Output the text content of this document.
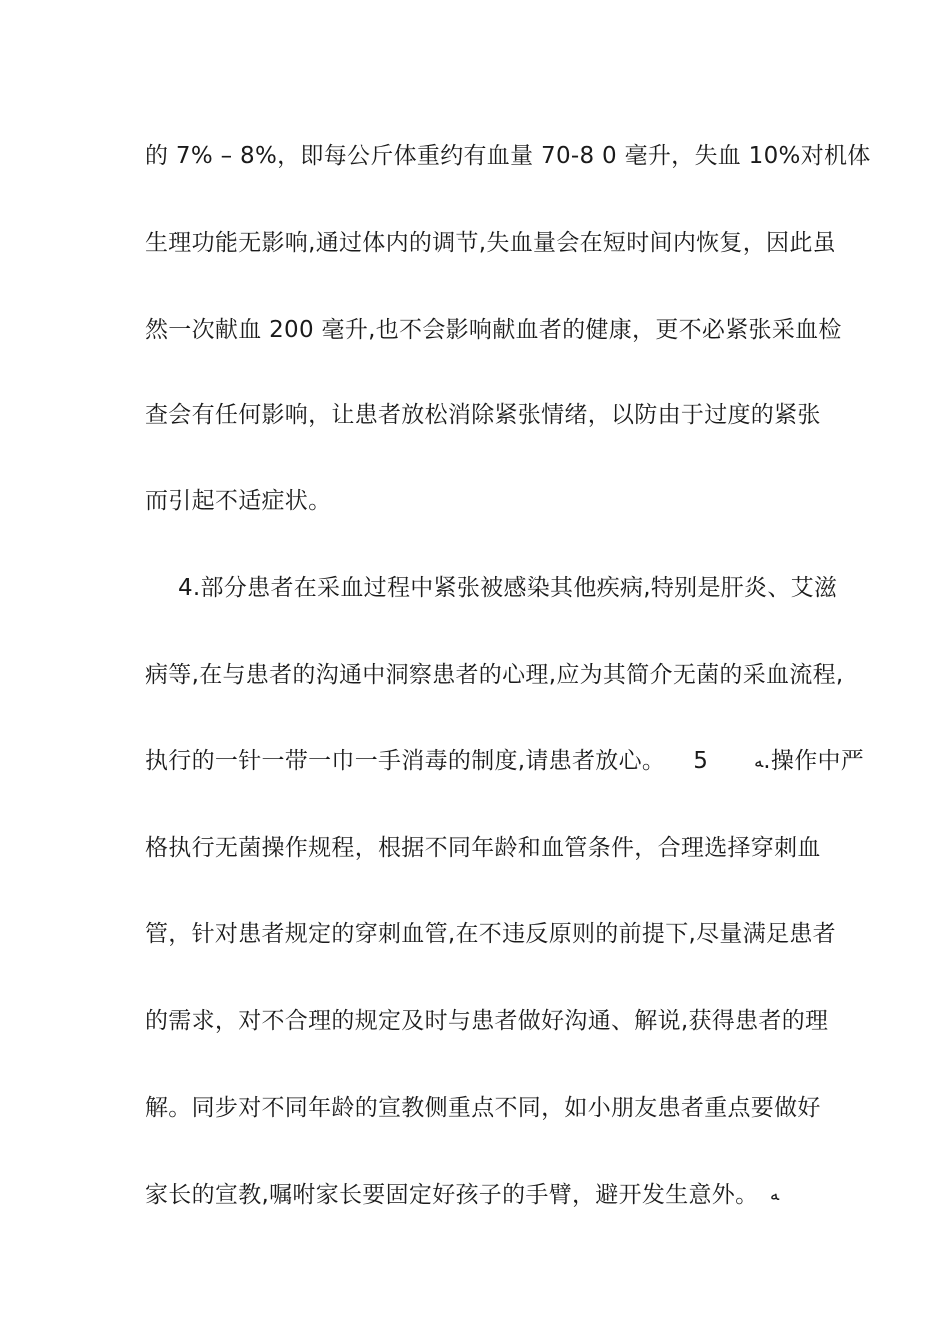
的 7% – 8%，即每公斤体重约有血量 70-8 0 毫升，失血 10%对机体
生理功能无影响,通过体内的调节,失血量会在短时间内恢复，因此虽
然一次献血 200 毫升,也不会影响献血者的健康，更不必紧张采血检
查会有任何影响，让患者放松消除紧张情绪，以防由于过度的紧张
而引起不适症状。
4.部分患者在采血过程中紧张被感染其他疾病,特别是肝炎、艾滋
病等,在与患者的沟通中洞察患者的心理,应为其简介无菌的采血流程,
执行的一针一带一巾一手消毒的制度,请患者放心。 5	ﻪ.操作中严
格执行无菌操作规程，根据不同年龄和血管条件，合理选择穿刺血
管，针对患者规定的穿刺血管,在不违反原则的前提下,尽量满足患者
的需求，对不合理的规定及时与患者做好沟通、解说,获得患者的理
解。同步对不同年龄的宣教侧重点不同，如小朋友患者重点要做好
家长的宣教,嘱咐家长要固定好孩子的手臂，避开发生意外。 ﻪ
